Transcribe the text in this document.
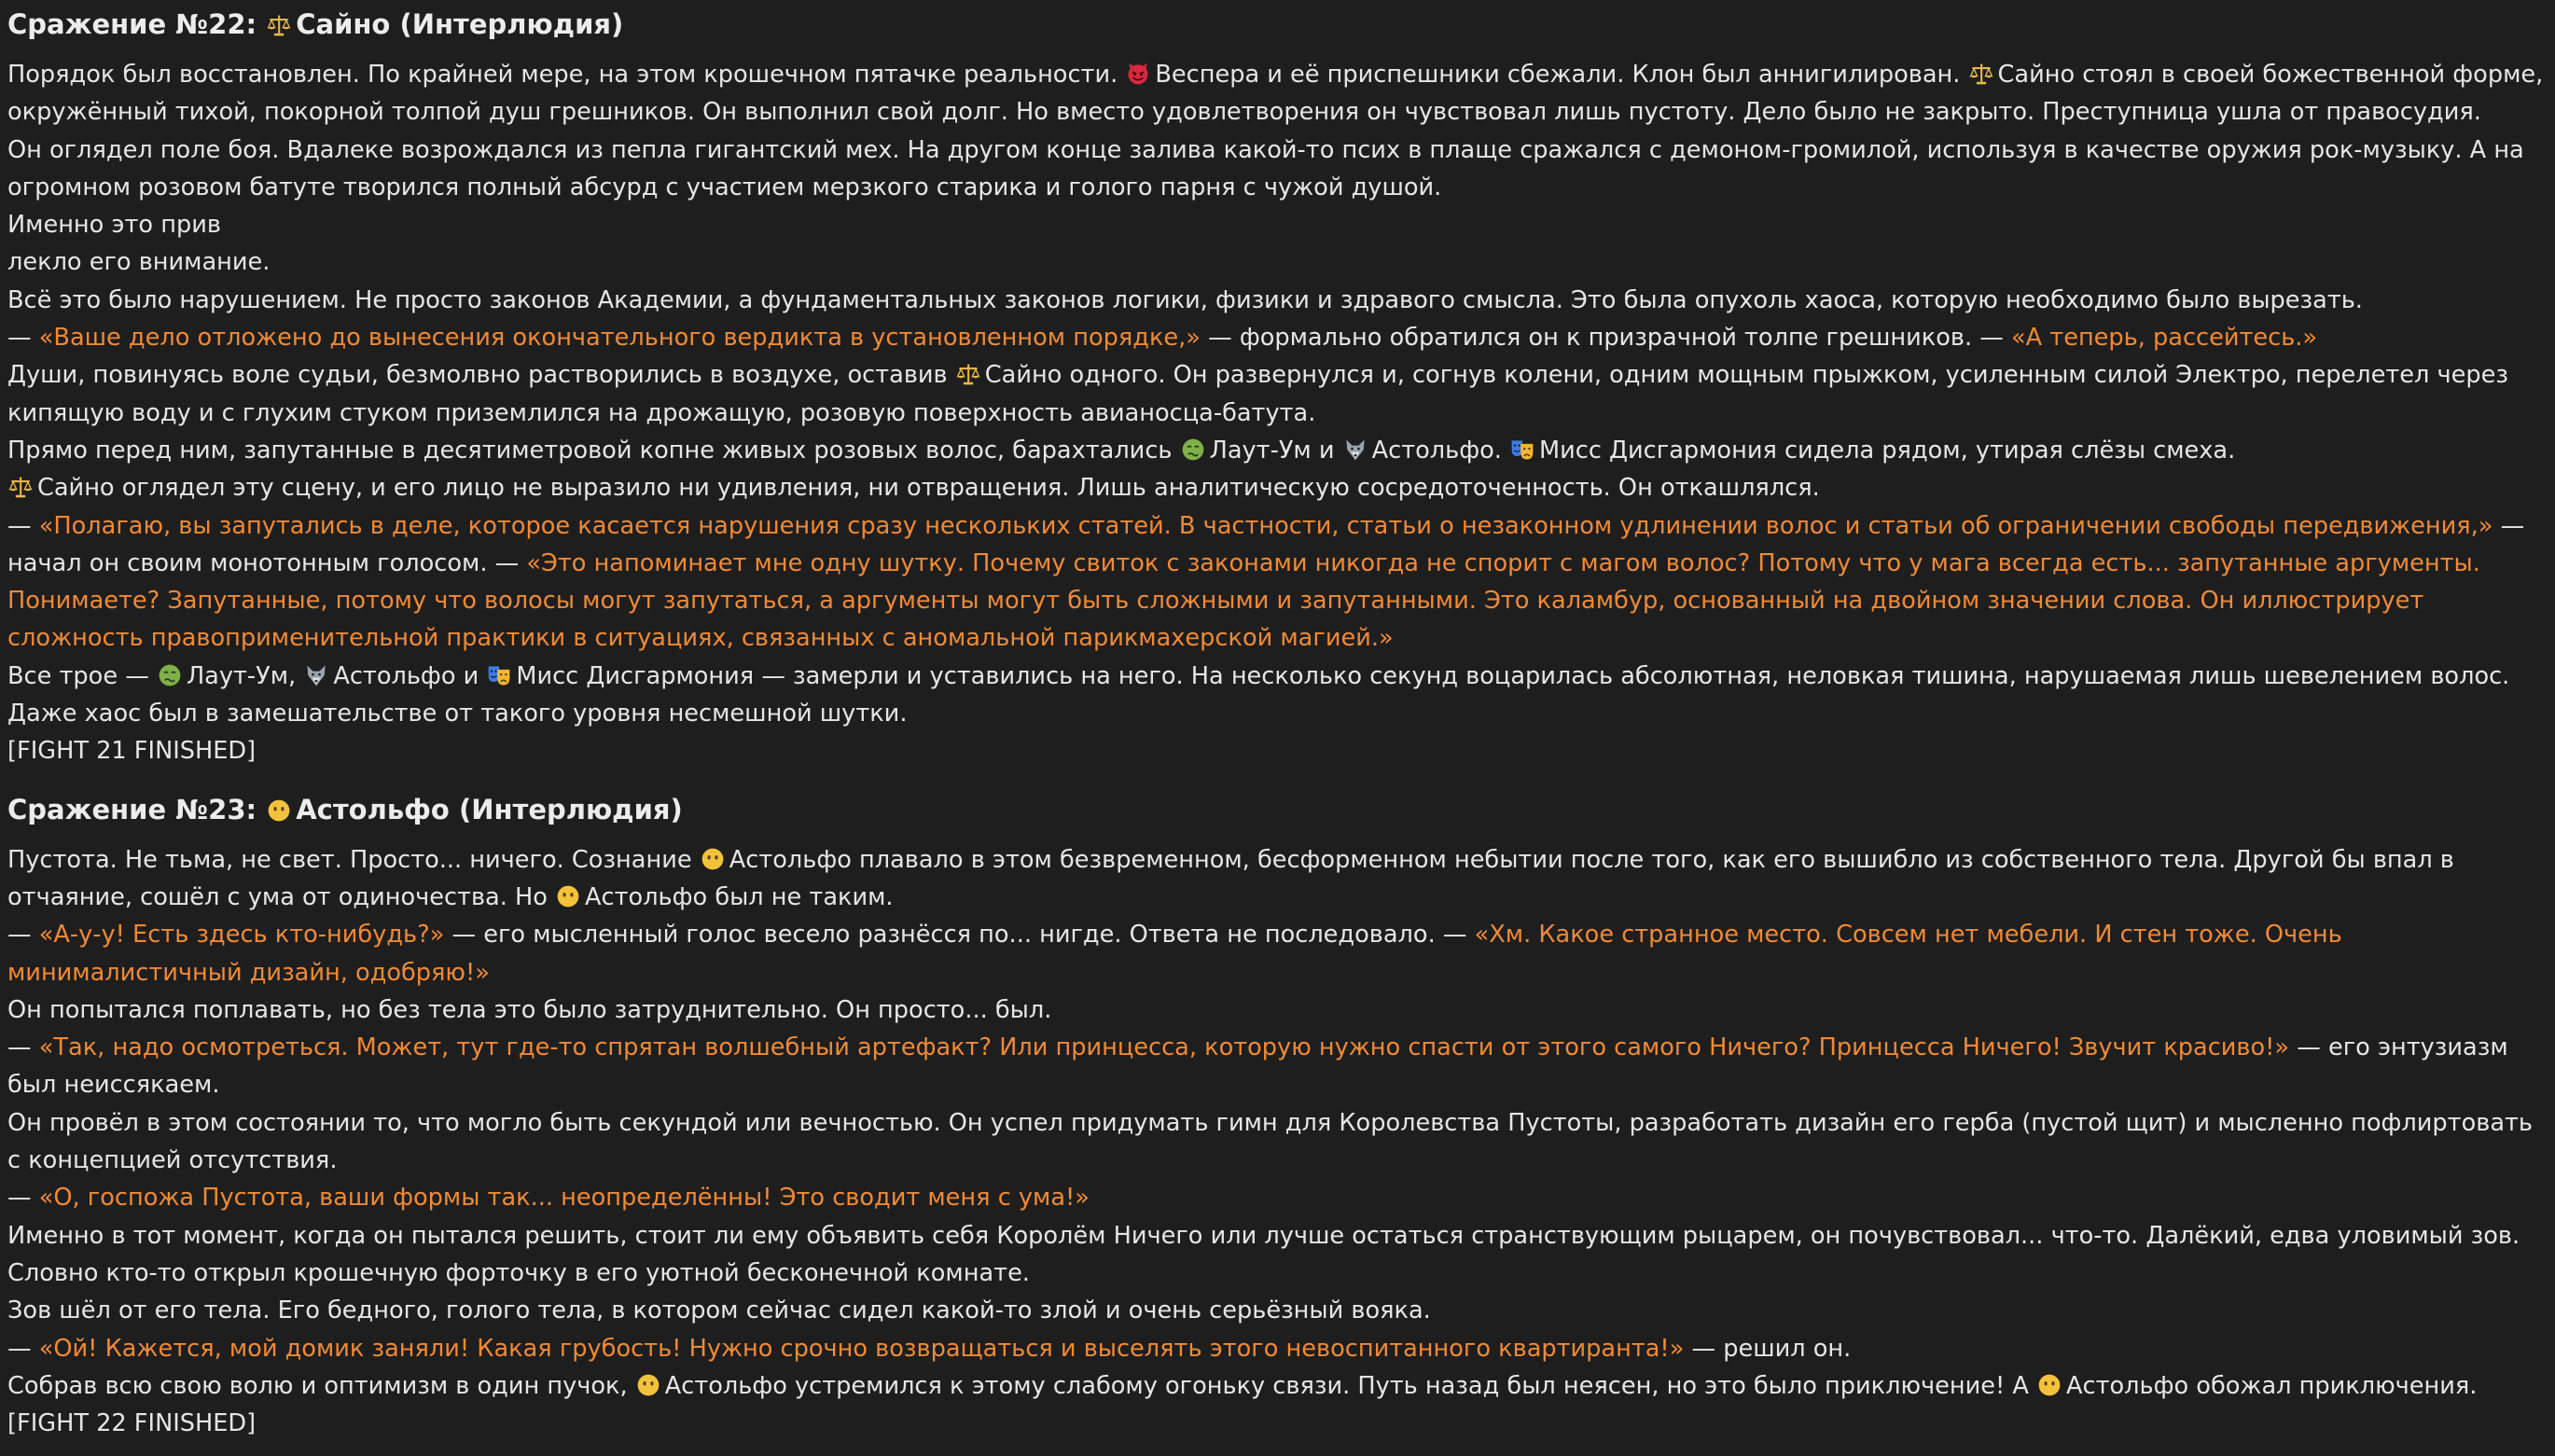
Сражение №22: Сайно (Интерлюдия)
Порядок был восстановлен. По крайней мере, на этом крошечном пятачке реальности. Веспера и её приспешники сбежали. Клон был аннигилирован. Сайно стоял в своей божественной форме, окружённый тихой, покорной толпой душ грешников. Он выполнил свой долг. Но вместо удовлетворения он чувствовал лишь пустоту. Дело было не закрыто. Преступница ушла от правосудия.
Он оглядел поле боя. Вдалеке возрождался из пепла гигантский мех. На другом конце залива какой-то псих в плаще сражался с демоном-громилой, используя в качестве оружия рок-музыку. А на огромном розовом батуте творился полный абсурд с участием мерзкого старика и голого парня с чужой душой.
Именно это прив
лекло его внимание.
Всё это было нарушением. Не просто законов Академии, а фундаментальных законов логики, физики и здравого смысла. Это была опухоль хаоса, которую необходимо было вырезать.
— «Ваше дело отложено до вынесения окончательного вердикта в установленном порядке,» — формально обратился он к призрачной толпе грешников. — «А теперь, рассейтесь.»
Души, повинуясь воле судьи, безмолвно растворились в воздухе, оставив Сайно одного. Он развернулся и, согнув колени, одним мощным прыжком, усиленным силой Электро, перелетел через кипящую воду и с глухим стуком приземлился на дрожащую, розовую поверхность авианосца-батута.
Прямо перед ним, запутанные в десятиметровой копне живых розовых волос, барахтались Лаут-Ум и Астольфо. Мисс Дисгармония сидела рядом, утирая слёзы смеха.
Сайно оглядел эту сцену, и его лицо не выразило ни удивления, ни отвращения. Лишь аналитическую сосредоточенность. Он откашлялся.
— «Полагаю, вы запутались в деле, которое касается нарушения сразу нескольких статей. В частности, статьи о незаконном удлинении волос и статьи об ограничении свободы передвижения,» — начал он своим монотонным голосом. — «Это напоминает мне одну шутку. Почему свиток с законами никогда не спорит с магом волос? Потому что у мага всегда есть... запутанные аргументы. Понимаете? Запутанные, потому что волосы могут запутаться, а аргументы могут быть сложными и запутанными. Это каламбур, основанный на двойном значении слова. Он иллюстрирует сложность правоприменительной практики в ситуациях, связанных с аномальной парикмахерской магией.»
Все трое — Лаут-Ум, Астольфо и Мисс Дисгармония — замерли и уставились на него. На несколько секунд воцарилась абсолютная, неловкая тишина, нарушаемая лишь шевелением волос.
Даже хаос был в замешательстве от такого уровня несмешной шутки.
[FIGHT 21 FINISHED]
Сражение №23: Астольфо (Интерлюдия)
Пустота. Не тьма, не свет. Просто... ничего. Сознание Астольфо плавало в этом безвременном, бесформенном небытии после того, как его вышибло из собственного тела. Другой бы впал в отчаяние, сошёл с ума от одиночества. Но Астольфо был не таким.
— «А-у-у! Есть здесь кто-нибудь?» — его мысленный голос весело разнёсся по... нигде. Ответа не последовало. — «Хм. Какое странное место. Совсем нет мебели. И стен тоже. Очень минималистичный дизайн, одобряю!»
Он попытался поплавать, но без тела это было затруднительно. Он просто... был.
— «Так, надо осмотреться. Может, тут где-то спрятан волшебный артефакт? Или принцесса, которую нужно спасти от этого самого Ничего? Принцесса Ничего! Звучит красиво!» — его энтузиазм был неиссякаем.
Он провёл в этом состоянии то, что могло быть секундой или вечностью. Он успел придумать гимн для Королевства Пустоты, разработать дизайн его герба (пустой щит) и мысленно пофлиртовать с концепцией отсутствия.
— «О, госпожа Пустота, ваши формы так... неопределённы! Это сводит меня с ума!»
Именно в тот момент, когда он пытался решить, стоит ли ему объявить себя Королём Ничего или лучше остаться странствующим рыцарем, он почувствовал... что-то. Далёкий, едва уловимый зов.
Словно кто-то открыл крошечную форточку в его уютной бесконечной комнате.
Зов шёл от его тела. Его бедного, голого тела, в котором сейчас сидел какой-то злой и очень серьёзный вояка.
— «Ой! Кажется, мой домик заняли! Какая грубость! Нужно срочно возвращаться и выселять этого невоспитанного квартиранта!» — решил он.
Собрав всю свою волю и оптимизм в один пучок, Астольфо устремился к этому слабому огоньку связи. Путь назад был неясен, но это было приключение! А Астольфо обожал приключения.
[FIGHT 22 FINISHED]
